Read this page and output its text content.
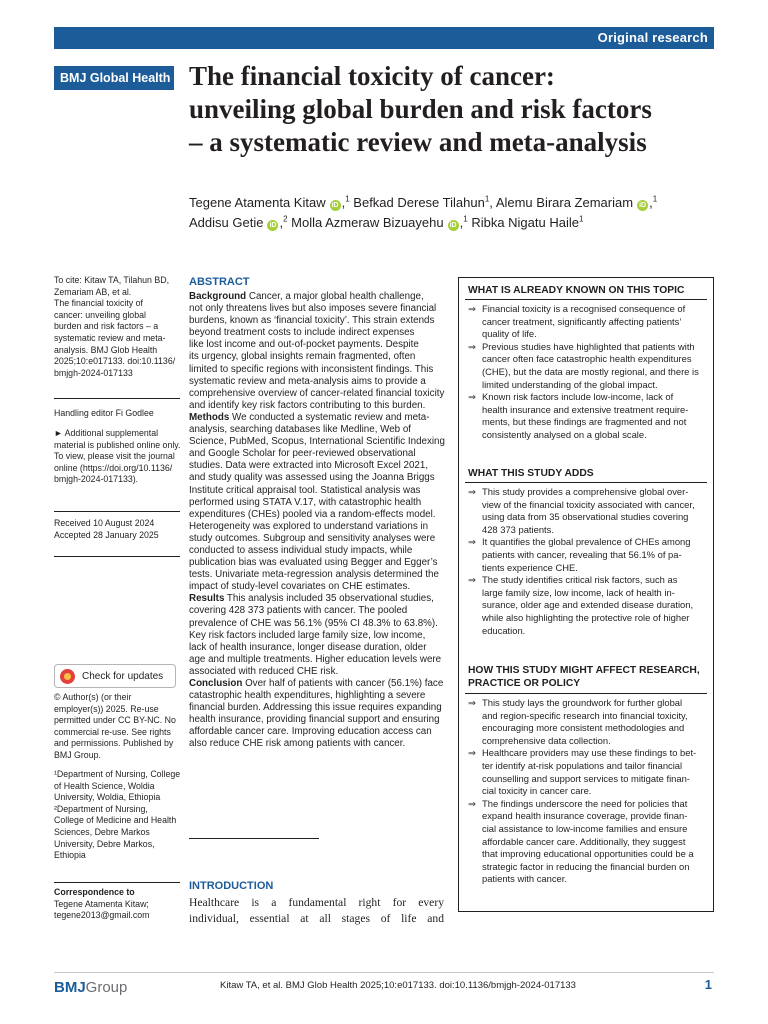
Original research
BMJ Global Health The financial toxicity of cancer:
unveiling global burden and risk factors
– a systematic review and meta-analysis
Tegene Atamenta Kitaw iD ,$^1$ Befkad Derese Tilahun$^1$, Alemu Birara Zemariam iD ,$^1$
Addisu Getie iD ,$^2$ Molla Azmeraw Bizuayehu iD ,$^1$ Ribka Nigatu Haile$^1$
To cite: Kitaw TA, Tilahun BD,
Zemariam AB, et al.
The financial toxicity of
cancer: unveiling global
burden and risk factors – a
systematic review and meta-
analysis. BMJ Glob Health
2025;10:e017133. doi:10.1136/
bmjgh-2024-017133
Handling editor Fi Godlee
► Additional supplemental
material is published online only.
To view, please visit the journal
online (https://doi.org/10.1136/
bmjgh-2024-017133).
Received 10 August 2024
Accepted 28 January 2025
© Author(s) (or their
employer(s)) 2025. Re-use
permitted under CC BY-NC. No
commercial re-use. See rights
and permissions. Published by
BMJ Group.
¹Department of Nursing, College
of Health Science, Woldia
University, Woldia, Ethiopia
²Department of Nursing,
College of Medicine and Health
Sciences, Debre Markos
University, Debre Markos,
Ethiopia
Correspondence to
Tegene Atamenta Kitaw;
tegene2013@gmail.com
Check for updates
ABSTRACT
Background Cancer, a major global health challenge,
not only threatens lives but also imposes severe financial
burdens, known as ‘financial toxicity’. This strain extends
beyond treatment costs to include indirect expenses
like lost income and out-of-pocket payments. Despite
its urgency, global insights remain fragmented, often
limited to specific regions with inconsistent findings. This
systematic review and meta-analysis aims to provide a
comprehensive overview of cancer-related financial toxicity
and identify key risk factors contributing to this burden.
Methods We conducted a systematic review and meta-
analysis, searching databases like Medline, Web of
Science, PubMed, Scopus, International Scientific Indexing
and Google Scholar for peer-reviewed observational
studies. Data were extracted into Microsoft Excel 2021,
and study quality was assessed using the Joanna Briggs
Institute critical appraisal tool. Statistical analysis was
performed using STATA V.17, with catastrophic health
expenditures (CHEs) pooled via a random-effects model.
Heterogeneity was explored to understand variations in
study outcomes. Subgroup and sensitivity analyses were
conducted to assess individual study impacts, while
publication bias was evaluated using Begger and Egger’s
tests. Univariate meta-regression analysis determined the
impact of study-level covariates on CHE estimates.
Results This analysis included 35 observational studies,
covering 428 373 patients with cancer. The pooled
prevalence of CHE was 56.1% (95% CI 48.3% to 63.8%).
Key risk factors included large family size, low income,
lack of health insurance, longer disease duration, older
age and multiple treatments. Higher education levels were
associated with reduced CHE risk.
Conclusion Over half of patients with cancer (56.1%) face
catastrophic health expenditures, highlighting a severe
financial burden. Addressing this issue requires expanding
health insurance, providing financial support and ensuring
affordable cancer care. Improving education access can
also reduce CHE risk among patients with cancer.
INTRODUCTION
Healthcare is a fundamental right for every
individual, essential at all stages of life and
WHAT IS ALREADY KNOWN ON THIS TOPIC
⇒ Financial toxicity is a recognised consequence of
cancer treatment, significantly affecting patients’
quality of life.
⇒ Previous studies have highlighted that patients with
cancer often face catastrophic health expenditures
(CHE), but the data are mostly regional, and there is
limited understanding of the global impact.
⇒ Known risk factors include low-income, lack of
health insurance and extensive treatment require-
ments, but these findings are fragmented and not
consistently analysed on a global scale.
WHAT THIS STUDY ADDS
⇒ This study provides a comprehensive global over-
view of the financial toxicity associated with cancer,
using data from 35 observational studies covering
428 373 patients.
⇒ It quantifies the global prevalence of CHEs among
patients with cancer, revealing that 56.1% of pa-
tients experience CHE.
⇒ The study identifies critical risk factors, such as
large family size, low income, lack of health in-
surance, older age and extended disease duration,
while also highlighting the protective role of higher
education.
HOW THIS STUDY MIGHT AFFECT RESEARCH,
PRACTICE OR POLICY
⇒ This study lays the groundwork for further global
and region-specific research into financial toxicity,
encouraging more consistent methodologies and
comprehensive data collection.
⇒ Healthcare providers may use these findings to bet-
ter identify at-risk populations and tailor financial
counselling and support services to mitigate finan-
cial toxicity in cancer care.
⇒ The findings underscore the need for policies that
expand health insurance coverage, provide finan-
cial assistance to low-income families and ensure
affordable cancer care. Additionally, they suggest
that improving educational opportunities could be a
strategic factor in reducing the financial burden on
patients with cancer.
BMJGroup	Kitaw TA, et al. BMJ Glob Health 2025;10:e017133. doi:10.1136/bmjgh-2024-017133	1
